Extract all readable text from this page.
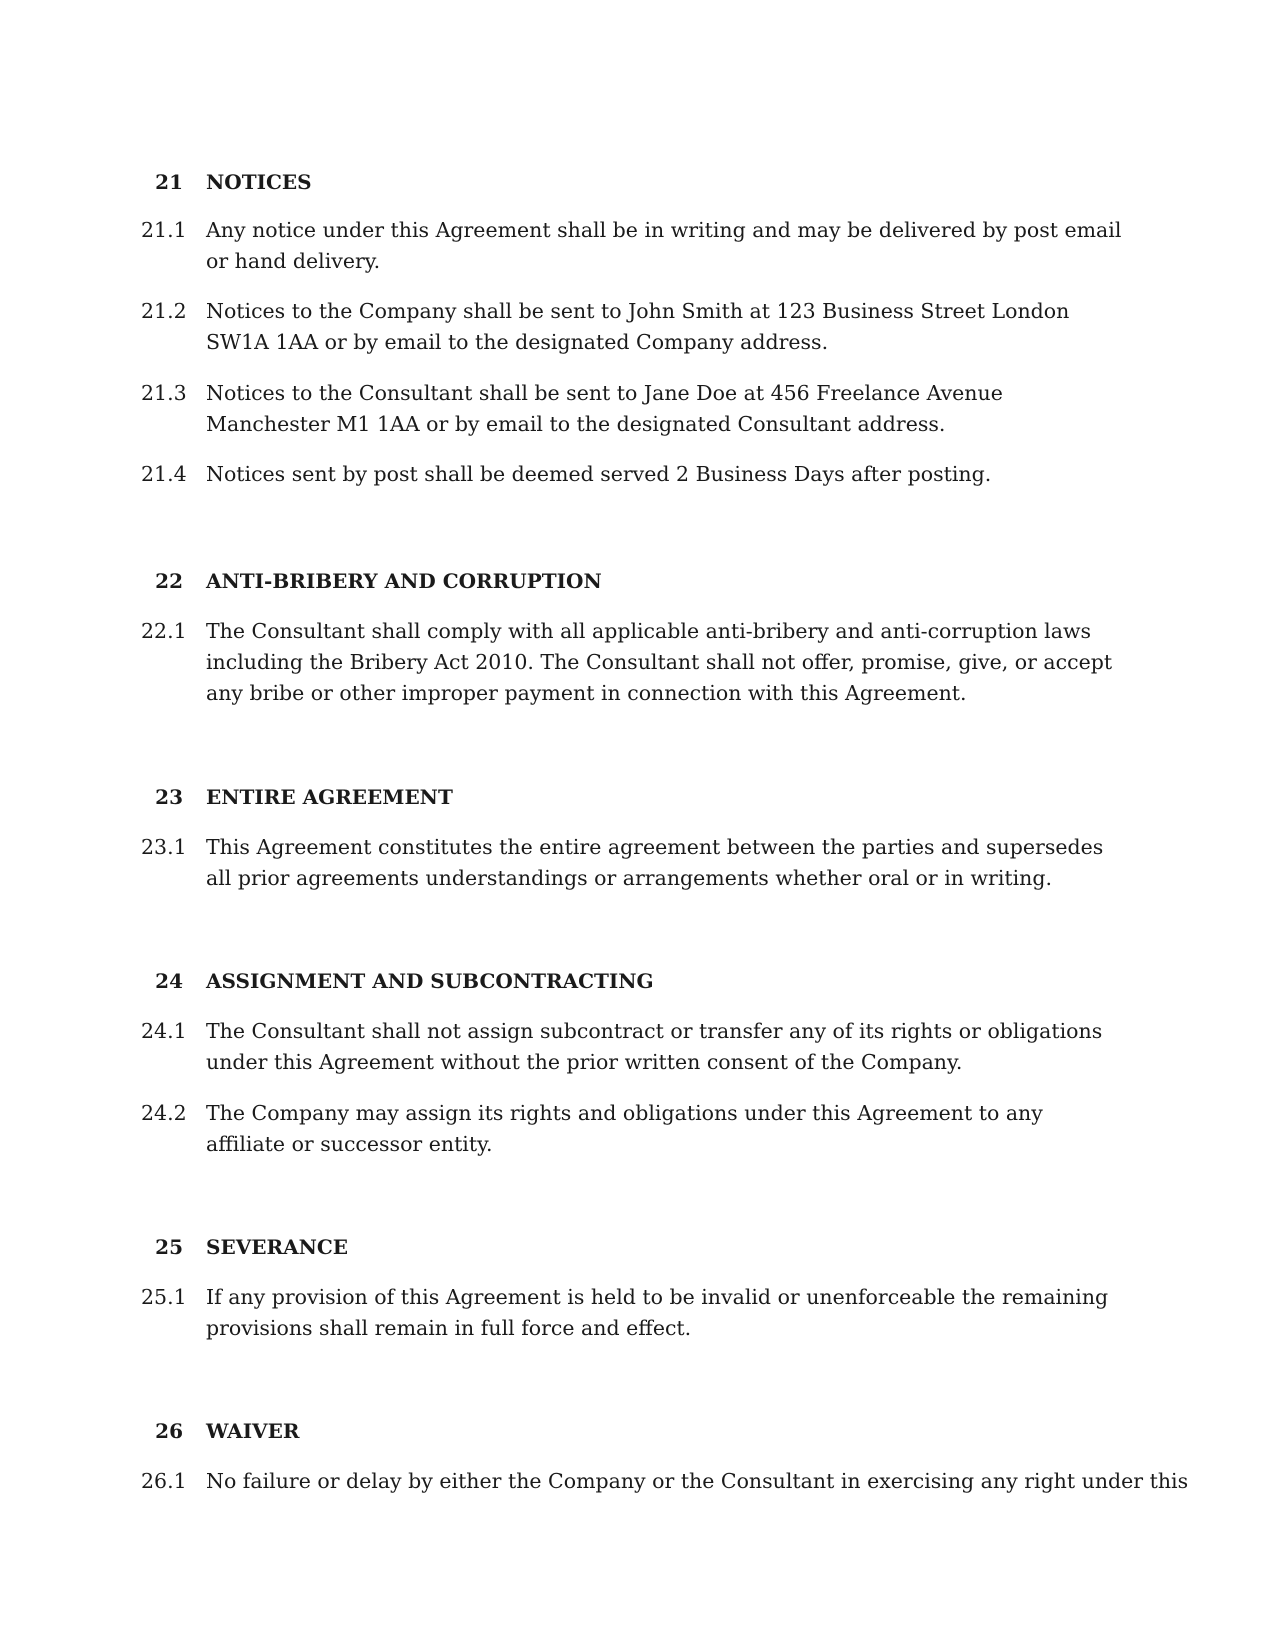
21 NOTICES
21.1 Any notice under this Agreement shall be in writing and may be delivered by post email or hand delivery.
21.2 Notices to the Company shall be sent to John Smith at 123 Business Street London SW1A 1AA or by email to the designated Company address.
21.3 Notices to the Consultant shall be sent to Jane Doe at 456 Freelance Avenue Manchester M1 1AA or by email to the designated Consultant address.
21.4 Notices sent by post shall be deemed served 2 Business Days after posting.
22 ANTI-BRIBERY AND CORRUPTION
22.1 The Consultant shall comply with all applicable anti-bribery and anti-corruption laws including the Bribery Act 2010. The Consultant shall not offer, promise, give, or accept any bribe or other improper payment in connection with this Agreement.
23 ENTIRE AGREEMENT
23.1 This Agreement constitutes the entire agreement between the parties and supersedes all prior agreements understandings or arrangements whether oral or in writing.
24 ASSIGNMENT AND SUBCONTRACTING
24.1 The Consultant shall not assign subcontract or transfer any of its rights or obligations under this Agreement without the prior written consent of the Company.
24.2 The Company may assign its rights and obligations under this Agreement to any affiliate or successor entity.
25 SEVERANCE
25.1 If any provision of this Agreement is held to be invalid or unenforceable the remaining provisions shall remain in full force and effect.
26 WAIVER
26.1 No failure or delay by either the Company or the Consultant in exercising any right under this
